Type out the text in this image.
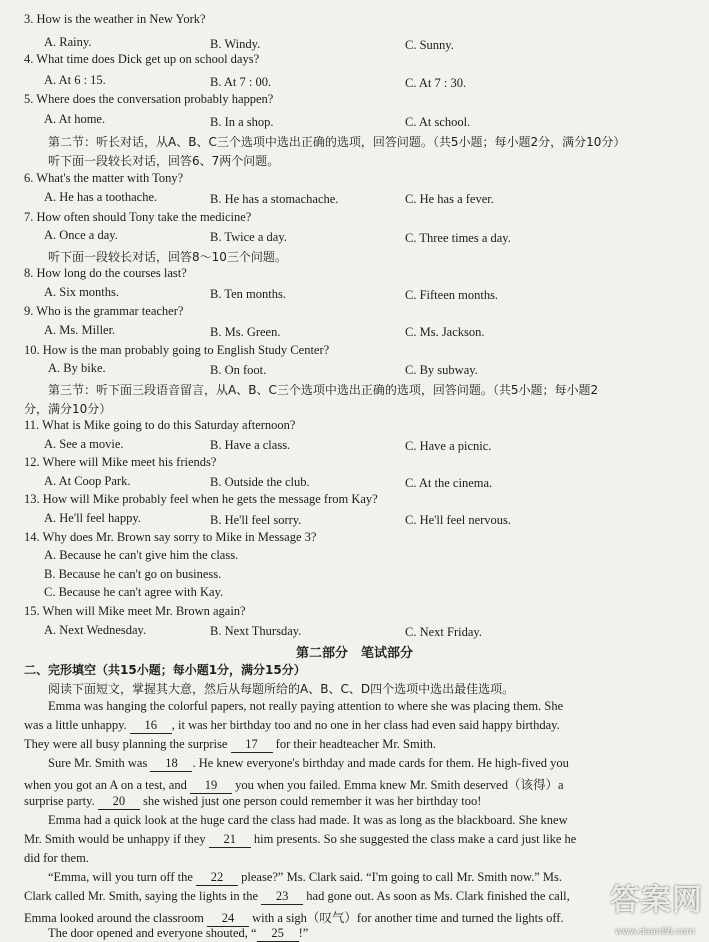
3. How is the weather in New York?
A. Rainy.	B. Windy.	C. Sunny.
4. What time does Dick get up on school days?
A. At 6 : 15.	B. At 7 : 00.	C. At 7 : 30.
5. Where does the conversation probably happen?
A. At home.	B. In a shop.	C. At school.
第二节：听长对话，从A、B、C三个选项中选出正确的选项，回答问题。（共5小题；每小题2分，满分10分）
听下面一段较长对话，回答6、7两个问题。
6. What's the matter with Tony?
A. He has a toothache.	B. He has a stomachache.	C. He has a fever.
7. How often should Tony take the medicine?
A. Once a day.	B. Twice a day.	C. Three times a day.
听下面一段较长对话，回答8～10三个问题。
8. How long do the courses last?
A. Six months.	B. Ten months.	C. Fifteen months.
9. Who is the grammar teacher?
A. Ms. Miller.	B. Ms. Green.	C. Ms. Jackson.
10. How is the man probably going to English Study Center?
A. By bike.	B. On foot.	C. By subway.
第三节：听下面三段语音留言，从A、B、C三个选项中选出正确的选项，回答问题。（共5小题；每小题2
分，满分10分）
11. What is Mike going to do this Saturday afternoon?
A. See a movie.	B. Have a class.	C. Have a picnic.
12. Where will Mike meet his friends?
A. At Coop Park.	B. Outside the club.	C. At the cinema.
13. How will Mike probably feel when he gets the message from Kay?
A. He'll feel happy.	B. He'll feel sorry.	C. He'll feel nervous.
14. Why does Mr. Brown say sorry to Mike in Message 3?
A. Because he can't give him the class.
B. Because he can't go on business.
C. Because he can't agree with Kay.
15. When will Mike meet Mr. Brown again?
A. Next Wednesday.	B. Next Thursday.	C. Next Friday.
第二部分　笔试部分
二、完形填空（共15小题；每小题1分，满分15分）
阅读下面短文，掌握其大意，然后从每题所给的A、B、C、D四个选项中选出最佳选项。
Emma was hanging the colorful papers, not really paying attention to where she was placing them. She
was a little unhappy. 16 , it was her birthday too and no one in her class had even said happy birthday.
They were all busy planning the surprise 17 for their headteacher Mr. Smith.
Sure Mr. Smith was 18 . He knew everyone's birthday and made cards for them. He high-fived you
when you got an A on a test, and 19 you when you failed. Emma knew Mr. Smith deserved（该得）a
surprise party. 20 she wished just one person could remember it was her birthday too!
Emma had a quick look at the huge card the class had made. It was as long as the blackboard. She knew
Mr. Smith would be unhappy if they 21 him presents. So she suggested the class make a card just like he
did for them.
“Emma, will you turn off the 22 please?” Ms. Clark said. “I'm going to call Mr. Smith now.” Ms.
Clark called Mr. Smith, saying the lights in the 23 had gone out. As soon as Ms. Clark finished the call,
Emma looked around the classroom 24 with a sigh（叹气）for another time and turned the lights off.
The door opened and everyone shouted, “ 25 !”
答案网
www.daan86.com
